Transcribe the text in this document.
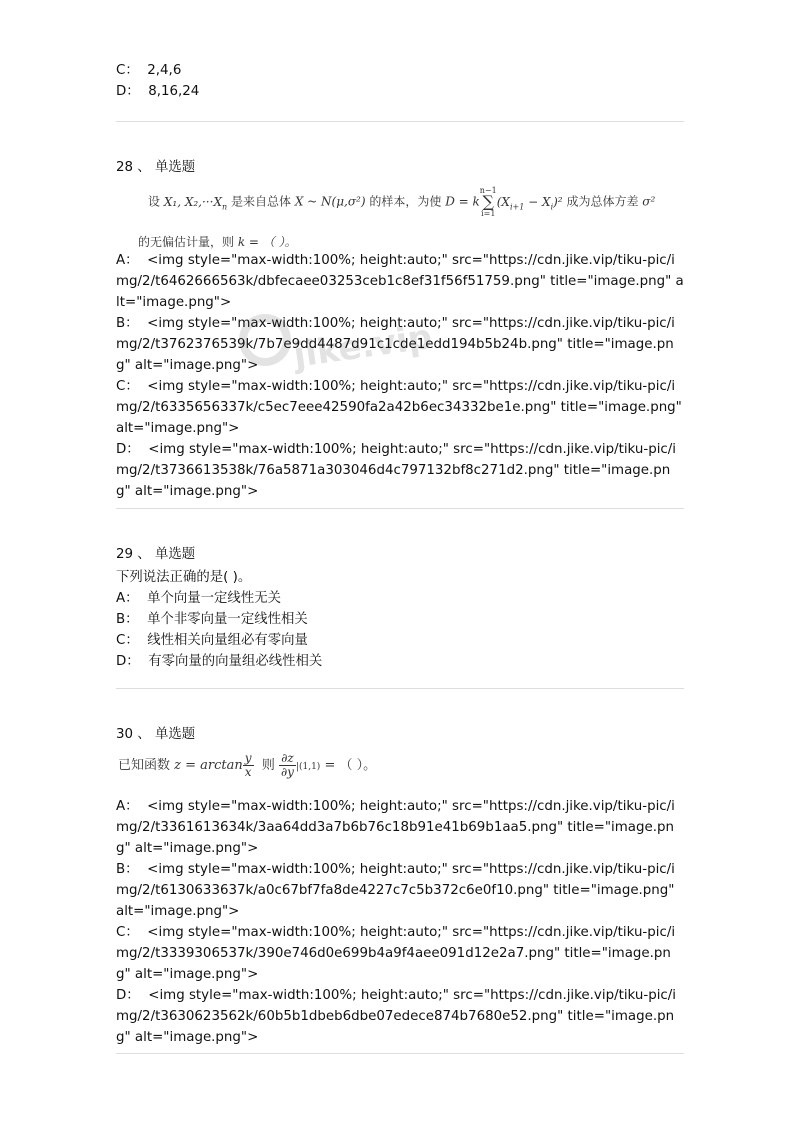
C： 2,4,6
D： 8,16,24
28 、 单选题
设 X₁, $X_2,\cdot\cdot\cdot X_n$ 是来自总体 X ~ N(μ,σ²) 的样本，为使 D = k
n−1
∑
i=1
$(X_{i+1} - X_i)^2$ 成为总体方差 σ²
的无偏估计量，则 k = （ ）。
A： <img style="max-width:100%; height:auto;" src="https://cdn.jike.vip/tiku-pic/img/2/t6462666563k/dbfecaee03253ceb1c8ef31f56f51759.png" title="image.png" alt="image.png">
B： <img style="max-width:100%; height:auto;" src="https://cdn.jike.vip/tiku-pic/img/2/t3762376539k/7b7e9dd4487d91c1cde1edd194b5b24b.png" title="image.png" alt="image.png">
C： <img style="max-width:100%; height:auto;" src="https://cdn.jike.vip/tiku-pic/img/2/t6335656337k/c5ec7eee42590fa2a42b6ec34332be1e.png" title="image.png" alt="image.png">
D： <img style="max-width:100%; height:auto;" src="https://cdn.jike.vip/tiku-pic/img/2/t3736613538k/76a5871a303046d4c797132bf8c271d2.png" title="image.png" alt="image.png">
29 、 单选题
下列说法正确的是( )。
A： 单个向量一定线性无关
B： 单个非零向量一定线性相关
C： 线性相关向量组必有零向量
D： 有零向量的向量组必线性相关
30 、 单选题
已知函数 $z = \arctan \frac{y}{x}$ 则 $\frac{\partial z}{\partial y} |(1,1)$ = （ ）。
A： <img style="max-width:100%; height:auto;" src="https://cdn.jike.vip/tiku-pic/img/2/t3361613634k/3aa64dd3a7b6b76c18b91e41b69b1aa5.png" title="image.png" alt="image.png">
B： <img style="max-width:100%; height:auto;" src="https://cdn.jike.vip/tiku-pic/img/2/t6130633637k/a0c67bf7fa8de4227c7c5b372c6e0f10.png" title="image.png" alt="image.png">
C： <img style="max-width:100%; height:auto;" src="https://cdn.jike.vip/tiku-pic/img/2/t3339306537k/390e746d0e699b4a9f4aee091d12e2a7.png" title="image.png" alt="image.png">
D： <img style="max-width:100%; height:auto;" src="https://cdn.jike.vip/tiku-pic/img/2/t3630623562k/60b5b1dbeb6dbe07edece874b7680e52.png" title="image.png" alt="image.png">
jike.vip
